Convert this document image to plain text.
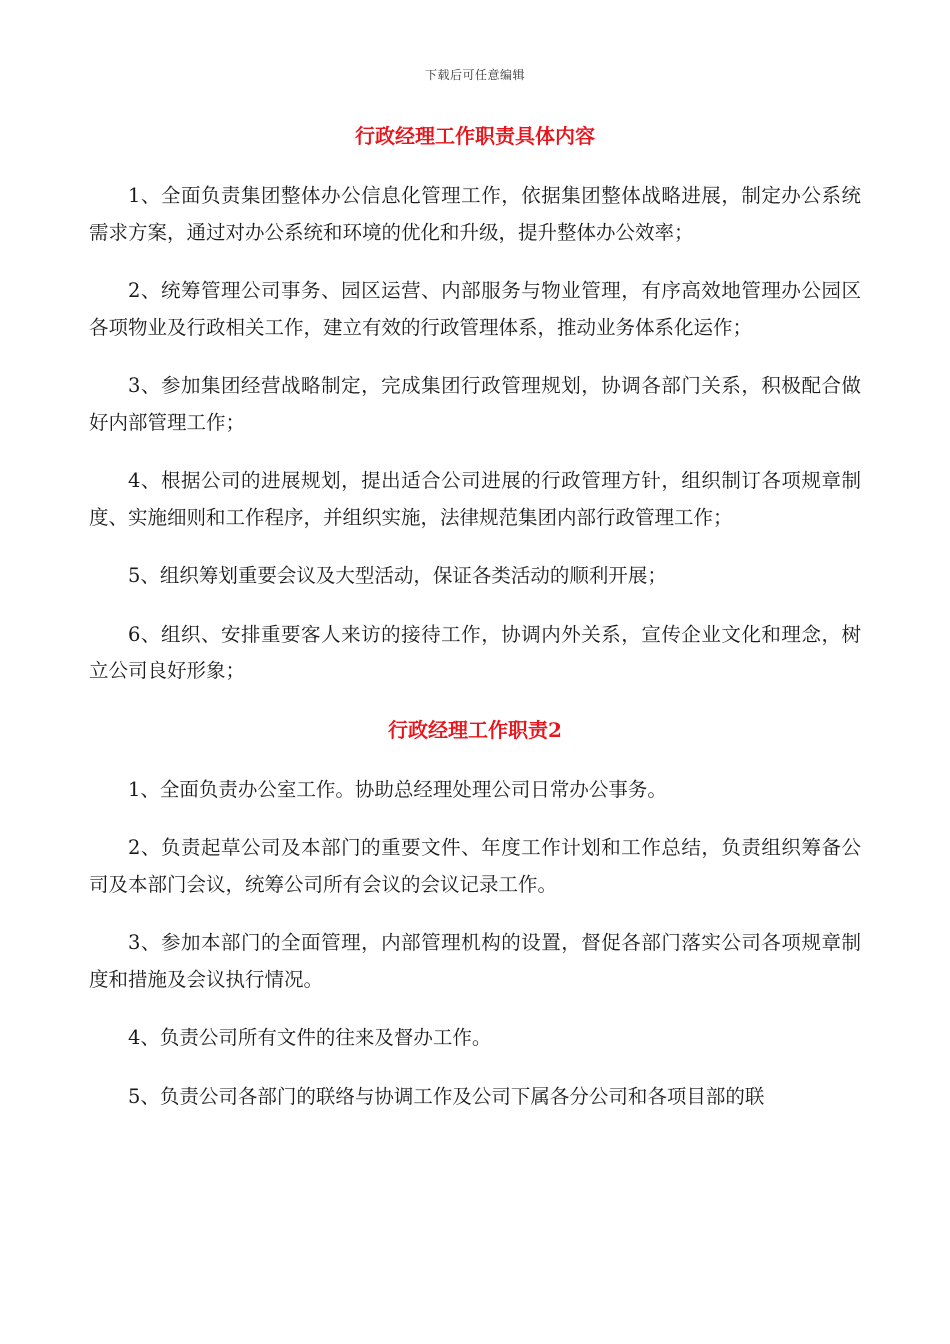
下载后可任意编辑
行政经理工作职责具体内容

1、全面负责集团整体办公信息化管理工作，依据集团整体战略进展，制定办公系统需求方案，通过对办公系统和环境的优化和升级，提升整体办公效率；

2、统筹管理公司事务、园区运营、内部服务与物业管理，有序高效地管理办公园区各项物业及行政相关工作，建立有效的行政管理体系，推动业务体系化运作；

3、参加集团经营战略制定，完成集团行政管理规划，协调各部门关系，积极配合做好内部管理工作；

4、根据公司的进展规划，提出适合公司进展的行政管理方针，组织制订各项规章制度、实施细则和工作程序，并组织实施，法律规范集团内部行政管理工作；

5、组织筹划重要会议及大型活动，保证各类活动的顺利开展；

6、组织、安排重要客人来访的接待工作，协调内外关系，宣传企业文化和理念，树立公司良好形象；

行政经理工作职责2

1、全面负责办公室工作。协助总经理处理公司日常办公事务。

2、负责起草公司及本部门的重要文件、年度工作计划和工作总结，负责组织筹备公司及本部门会议，统筹公司所有会议的会议记录工作。

3、参加本部门的全面管理，内部管理机构的设置，督促各部门落实公司各项规章制度和措施及会议执行情况。

4、负责公司所有文件的往来及督办工作。

5、负责公司各部门的联络与协调工作及公司下属各分公司和各项目部的联
